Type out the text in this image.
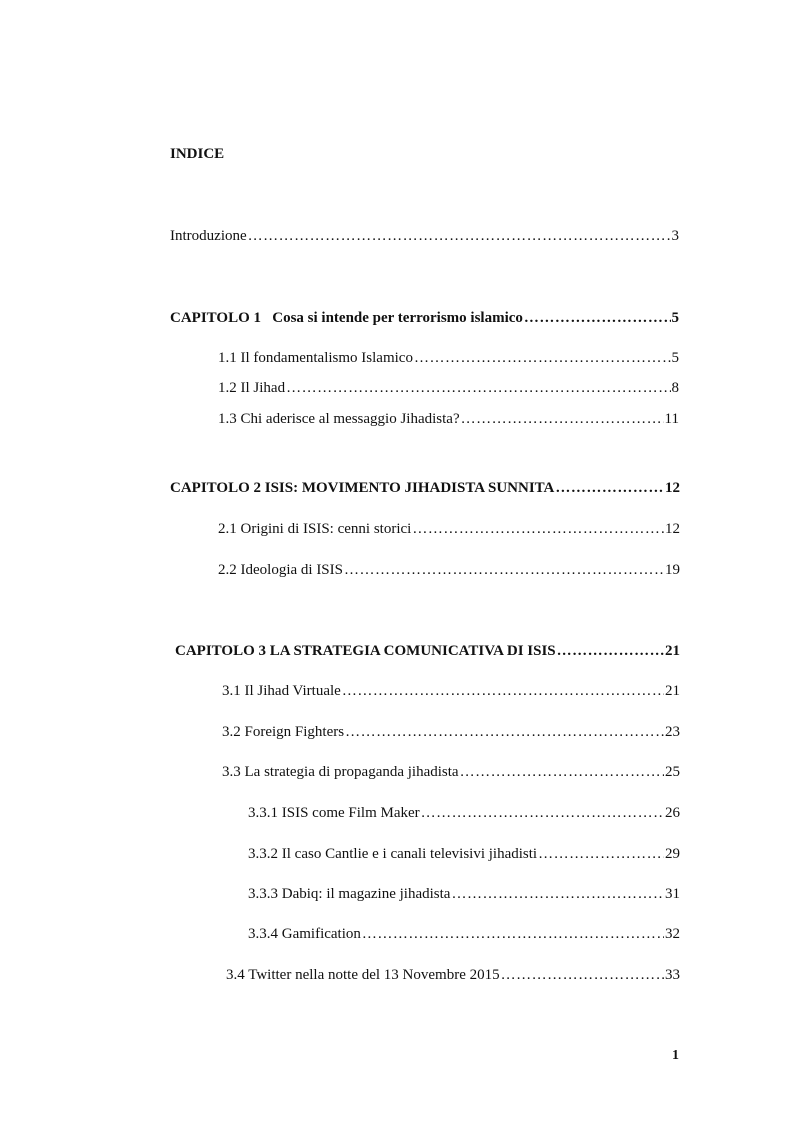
INDICE
Introduzione …………………………………………………………………………………………………………………………………………………………	3
CAPITOLO 1   Cosa si intende per terrorismo islamico …………………………………………………………………………………………………………………………………………………………	5
1.1 Il fondamentalismo Islamico …………………………………………………………………………………………………………………………………………………………	5
1.2 Il Jihad …………………………………………………………………………………………………………………………………………………………	8
1.3 Chi aderisce al messaggio Jihadista? …………………………………………………………………………………………………………………………………………………………	11
CAPITOLO 2 ISIS: MOVIMENTO JIHADISTA SUNNITA …………………………………………………………………………………………………………………………………………………………	12
2.1 Origini di ISIS: cenni storici …………………………………………………………………………………………………………………………………………………………	12
2.2 Ideologia di ISIS …………………………………………………………………………………………………………………………………………………………	19
CAPITOLO 3 LA STRATEGIA COMUNICATIVA DI ISIS …………………………………………………………………………………………………………………………………………………………	21
3.1 Il Jihad Virtuale …………………………………………………………………………………………………………………………………………………………	21
3.2 Foreign Fighters …………………………………………………………………………………………………………………………………………………………	23
3.3 La strategia di propaganda jihadista …………………………………………………………………………………………………………………………………………………………	25
3.3.1 ISIS come Film Maker …………………………………………………………………………………………………………………………………………………………	26
3.3.2 Il caso Cantlie e i canali televisivi jihadisti …………………………………………………………………………………………………………………………………………………………	29
3.3.3 Dabiq: il magazine jihadista …………………………………………………………………………………………………………………………………………………………	31
3.3.4 Gamification …………………………………………………………………………………………………………………………………………………………	32
3.4 Twitter nella notte del 13 Novembre 2015 …………………………………………………………………………………………………………………………………………………………	33
1
